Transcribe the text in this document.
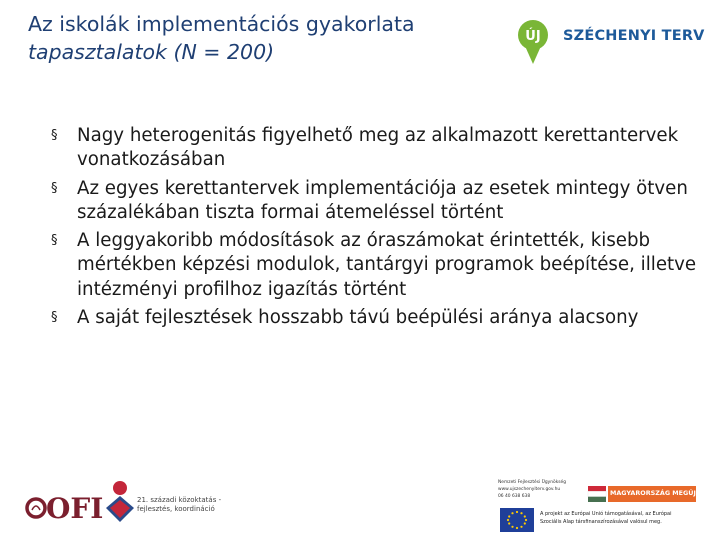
Az iskolák implementációs gyakorlata
tapasztalatok (N = 200)
ÚJ SZÉCHENYI TERV
§ Nagy heterogenitás figyelhető meg az alkalmazott kerettantervek vonatkozásában
§ Az egyes kerettantervek implementációja az esetek mintegy ötven százalékában tiszta formai átemeléssel történt
§ A leggyakoribb módosítások az óraszámokat érintették, kisebb mértékben képzési modulok, tantárgyi programok beépítése, illetve intézményi profilhoz igazítás történt
§ A saját fejlesztések hosszabb távú beépülési aránya alacsony
OFI	21. századi közoktatás -
fejlesztés, koordináció
Nemzeti Fejlesztési Ügynökség
www.ujszechenyiterv.gov.hu
06 40 638 638	MAGYARORSZÁG MEGÚJUL
A projekt az Európai Unió támogatásával, az Európai
Szociális Alap társfinanszírozásával valósul meg.
